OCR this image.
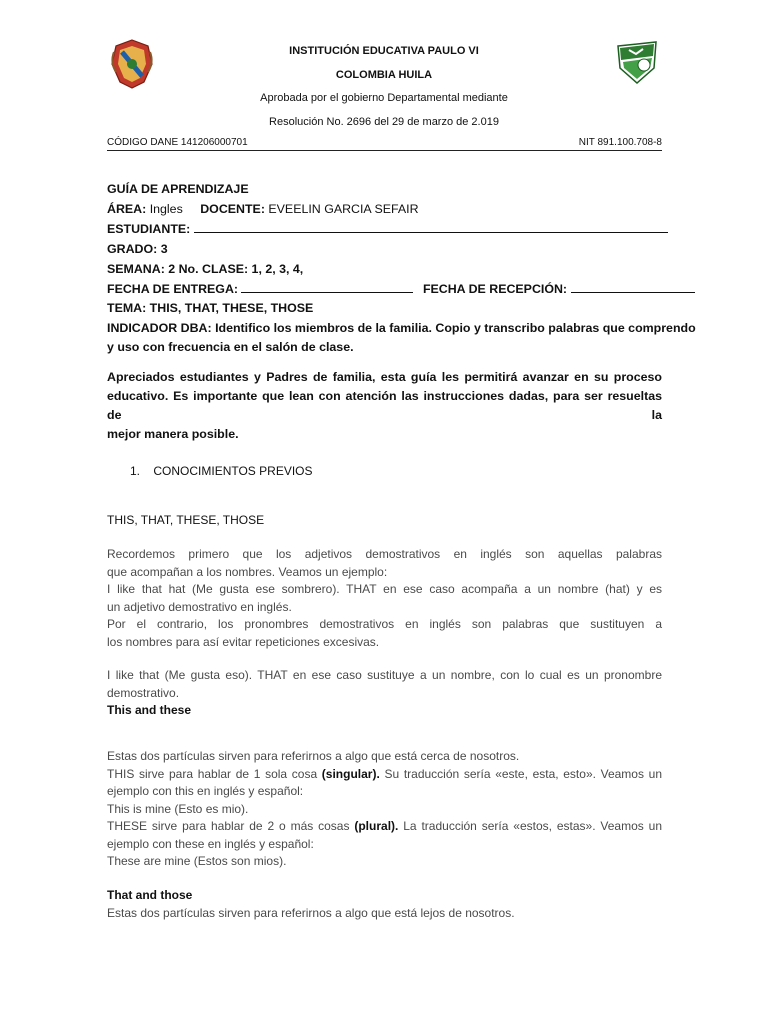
INSTITUCIÓN EDUCATIVA PAULO VI
COLOMBIA HUILA
Aprobada por el gobierno Departamental mediante
Resolución No. 2696 del 29 de marzo de 2.019
CÓDIGO DANE 141206000701	NIT 891.100.708-8
GUÍA DE APRENDIZAJE
ÁREA: Ingles DOCENTE: EVEELIN GARCIA SEFAIR
ESTUDIANTE:
GRADO: 3
SEMANA: 2 No. CLASE: 1, 2, 3, 4,
FECHA DE ENTREGA:	FECHA DE RECEPCIÓN:
TEMA: THIS, THAT, THESE, THOSE
INDICADOR DBA: Identifico los miembros de la familia. Copio y transcribo palabras que comprendo
y uso con frecuencia en el salón de clase.
Apreciados estudiantes y Padres de familia, esta guía les permitirá avanzar en su proceso
educativo. Es importante que lean con atención las instrucciones dadas, para ser resueltas de la
mejor manera posible.
1. CONOCIMIENTOS PREVIOS
THIS, THAT, THESE, THOSE
Recordemos primero que los adjetivos demostrativos en inglés son aquellas palabras
que acompañan a los nombres. Veamos un ejemplo:
I like that hat (Me gusta ese sombrero). THAT en ese caso acompaña a un nombre (hat) y es
un adjetivo demostrativo en inglés.
Por el contrario, los pronombres demostrativos en inglés son palabras que sustituyen a
los nombres para así evitar repeticiones excesivas.
I like that (Me gusta eso). THAT en ese caso sustituye a un nombre, con lo cual es un pronombre
demostrativo.
This and these
Estas dos partículas sirven para referirnos a algo que está cerca de nosotros.
THIS sirve para hablar de 1 sola cosa (singular). Su traducción sería «este, esta, esto». Veamos un
ejemplo con this en inglés y español:
This is mine (Esto es mio).
THESE sirve para hablar de 2 o más cosas (plural). La traducción sería «estos, estas». Veamos un
ejemplo con these en inglés y español:
These are mine (Estos son mios).
That and those
Estas dos partículas sirven para referirnos a algo que está lejos de nosotros.
